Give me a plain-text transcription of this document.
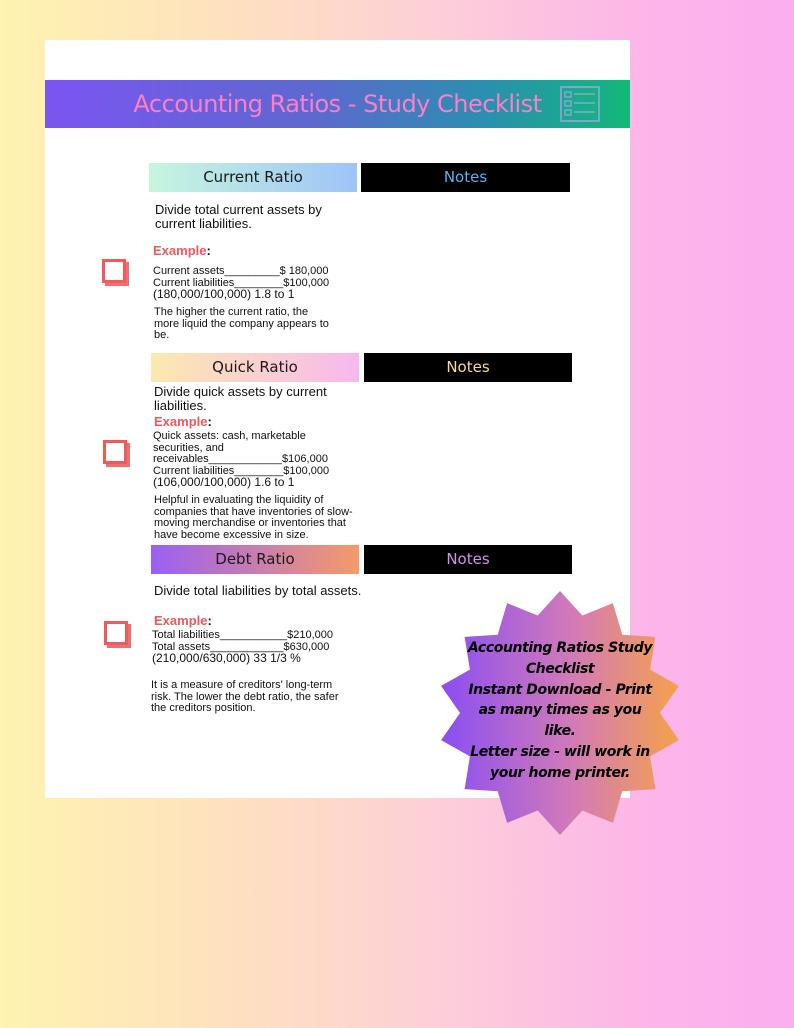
Accounting Ratios - Study Checklist
Current Ratio	Notes
Divide total current assets by
current liabilities.
Example:
Current assets_________$ 180,000
Current liabilities________$100,000
(180,000/100,000) 1.8 to 1
The higher the current ratio, the
more liquid the company appears to
be.
Quick Ratio	Notes
Divide quick assets by current
liabilities.
Example:
Quick assets: cash, marketable
securities, and
receivables____________$106,000
Current liabilities________$100,000
(106,000/100,000) 1.6 to 1
Helpful in evaluating the liquidity of
companies that have inventories of slow-
moving merchandise or inventories that
have become excessive in size.
Debt Ratio	Notes
Divide total liabilities by total assets.
Example:
Total liabilities___________$210,000
Total assets____________$630,000
(210,000/630,000) 33 1/3 %
It is a measure of creditors' long-term
risk. The lower the debt ratio, the safer
the creditors position.
Accounting Ratios Study
Checklist
Instant Download - Print
as many times as you
like.
Letter size - will work in
your home printer.
